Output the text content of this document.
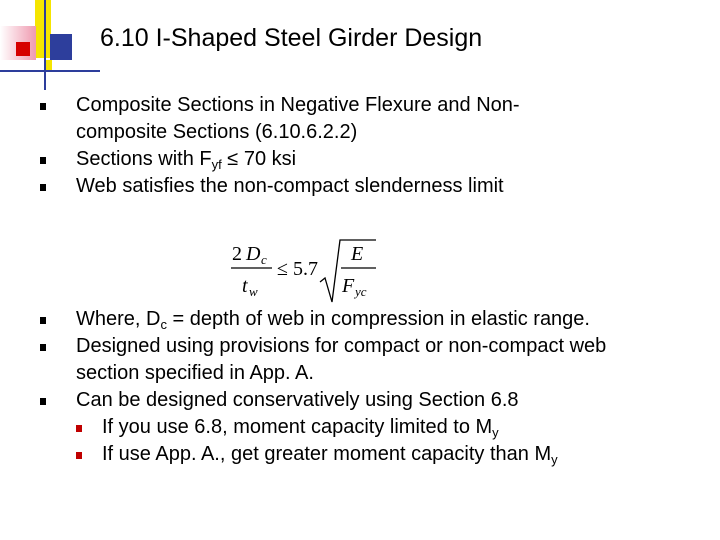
6.10 I-Shaped Steel Girder Design
Composite Sections in Negative Flexure and Non-
composite Sections (6.10.6.2.2)
Sections with $F_{yf} \le 70$ ksi
Web satisfies the non-compact slenderness limit
Where, $D_c$ = depth of web in compression in elastic range.
Designed using provisions for compact or non-compact web
section specified in App. A.
Can be designed conservatively using Section 6.8
If you use 6.8, moment capacity limited to $M_y$
If use App. A., get greater moment capacity than $M_y$
2 D c
t w
≤ 5.7
E
F yc
